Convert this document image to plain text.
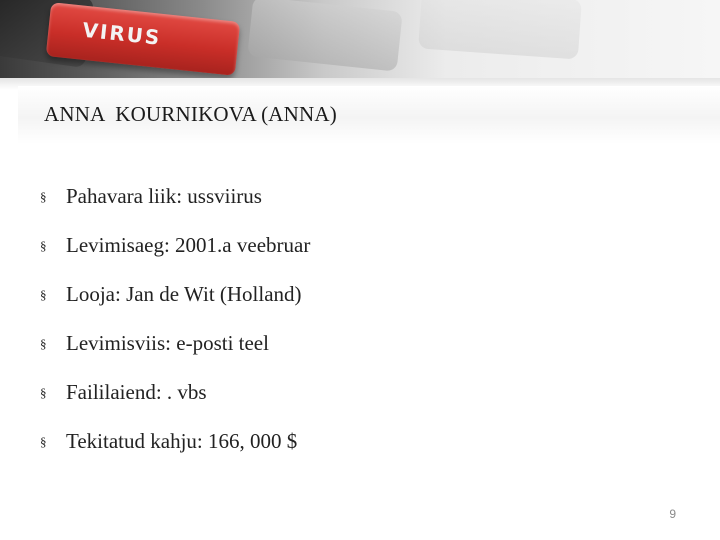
VIRUS
ANNA  KOURNIKOVA (ANNA)
§ Pahavara liik: ussviirus
§ Levimisaeg: 2001.a veebruar
§ Looja: Jan de Wit (Holland)
§ Levimisviis: e-posti teel
§ Faililaiend: . vbs
§ Tekitatud kahju: 166, 000 $
9
